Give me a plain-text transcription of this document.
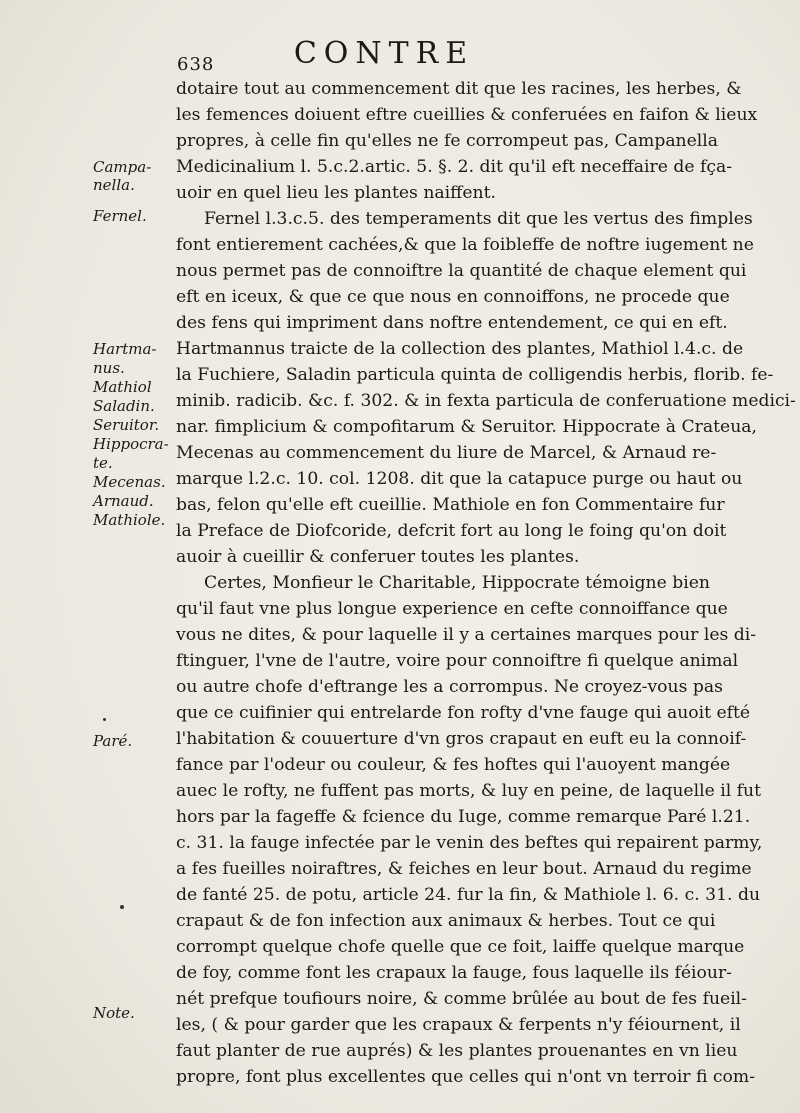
638	CONTRE
Campa-
nella.
Fernel.
Hartma-
nus.
Mathiol
Saladin.
Seruitor.
Hippocra-
te.
Mecenas.
Arnaud.
Mathiole.
Paré.
Note.
dotaire tout au commencement dit que les racines, les herbes, &
les femences doiuent eftre cueillies & conferuées en faifon & lieux
propres, à celle fin qu'elles ne fe corrompeut pas, Campanella
Medicinalium l. 5.c.2.artic. 5. §. 2. dit qu'il eft neceffaire de fça-
uoir en quel lieu les plantes naiffent.
Fernel l.3.c.5. des temperaments dit que les vertus des fimples
font entierement cachées,& que la foibleffe de noftre iugement ne
nous permet pas de connoiftre la quantité de chaque element qui
eft en iceux, & que ce que nous en connoiffons, ne procede que
des fens qui impriment dans noftre entendement, ce qui en eft.
Hartmannus traicte de la collection des plantes, Mathiol l.4.c. de
la Fuchiere, Saladin particula quinta de colligendis herbis, florib. fe-
minib. radicib. &c. f. 302. & in fexta particula de conferuatione medici-
nar. fimplicium & compofitarum & Seruitor. Hippocrate à Crateua,
Mecenas au commencement du liure de Marcel, & Arnaud re-
marque l.2.c. 10. col. 1208. dit que la catapuce purge ou haut ou
bas, felon qu'elle eft cueillie. Mathiole en fon Commentaire fur
la Preface de Diofcoride, defcrit fort au long le foing qu'on doit
auoir à cueillir & conferuer toutes les plantes.
Certes, Monfieur le Charitable, Hippocrate témoigne bien
qu'il faut vne plus longue experience en cefte connoiffance que
vous ne dites, & pour laquelle il y a certaines marques pour les di-
ftinguer, l'vne de l'autre, voire pour connoiftre fi quelque animal
ou autre chofe d'eftrange les a corrompus. Ne croyez-vous pas
que ce cuifinier qui entrelarde fon rofty d'vne fauge qui auoit efté
l'habitation & couuerture d'vn gros crapaut en euft eu la connoif-
fance par l'odeur ou couleur, & fes hoftes qui l'auoyent mangée
auec le rofty, ne fuffent pas morts, & luy en peine, de laquelle il fut
hors par la fageffe & fcience du Iuge, comme remarque Paré l.21.
c. 31. la fauge infectée par le venin des beftes qui repairent parmy,
a fes fueilles noiraftres, & feiches en leur bout. Arnaud du regime
de fanté 25. de potu, article 24. fur la fin, & Mathiole l. 6. c. 31. du
crapaut & de fon infection aux animaux & herbes. Tout ce qui
corrompt quelque chofe quelle que ce foit, laiffe quelque marque
de foy, comme font les crapaux la fauge, fous laquelle ils féiour-
nét prefque toufiours noire, & comme brûlée au bout de fes fueil-
les, ( & pour garder que les crapaux & ferpents n'y féiournent, il
faut planter de rue auprés) & les plantes prouenantes en vn lieu
propre, font plus excellentes que celles qui n'ont vn terroir fi com-
